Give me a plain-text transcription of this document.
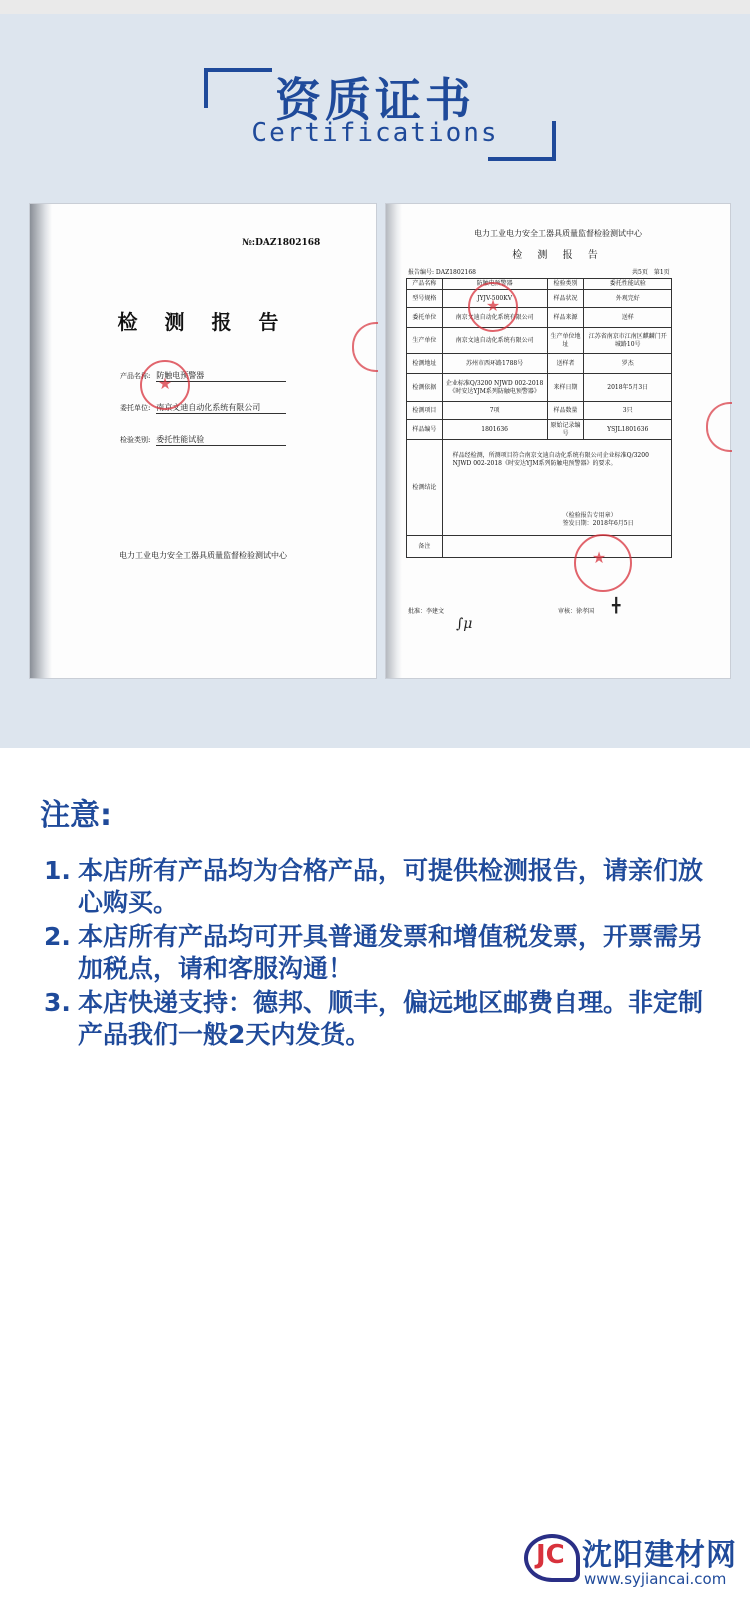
资质证书
Certifications
№:DAZ1802168
检 测 报 告
产品名称: 防触电预警器
委托单位: 南京文迪自动化系统有限公司
检验类别: 委托性能试验
★
电力工业电力安全工器具质量监督检验测试中心
电力工业电力安全工器具质量监督检验测试中心
检 测 报 告
报告编号: DAZ1802168	共5页　第1页
产品名称	防触电预警器	检验类别	委托性能试验
型号规格	JYJV-500KV	样品状况	外观完好
委托单位	南京文迪自动化系统有限公司	样品来源	送样
生产单位	南京文迪自动化系统有限公司	生产单位地址	江苏省南京市江南区麒麟门开城路10号
检测地址	苏州市西环路1788号	送样者	罗杰
检测依据	企业标准Q/3200 NJWD 002-2018《时安达YJM系列防触电预警器》	来样日期	2018年5月3日
检测项目	7项	样品数量	3只
样品编号	1801636	原始记录编号	YSJL1801636
检测结论	样品经检测，所测项目符合南京文迪自动化系统有限公司企业标准Q/3200 NJWD 002-2018《时安达YJM系列防触电预警器》的要求。
（检验报告专用章）
签发日期：2018年6月5日		

备注			
★
★
批准：李建文	审核：徐孝国
∫μ
╋
注意:
1. 本店所有产品均为合格产品，可提供检测报告，请亲们放心购买。
2. 本店所有产品均可开具普通发票和增值税发票，开票需另加税点，请和客服沟通！
3. 本店快递支持：德邦、顺丰，偏远地区邮费自理。非定制产品我们一般2天内发货。
JC 沈阳建材网
www.syjiancai.com
